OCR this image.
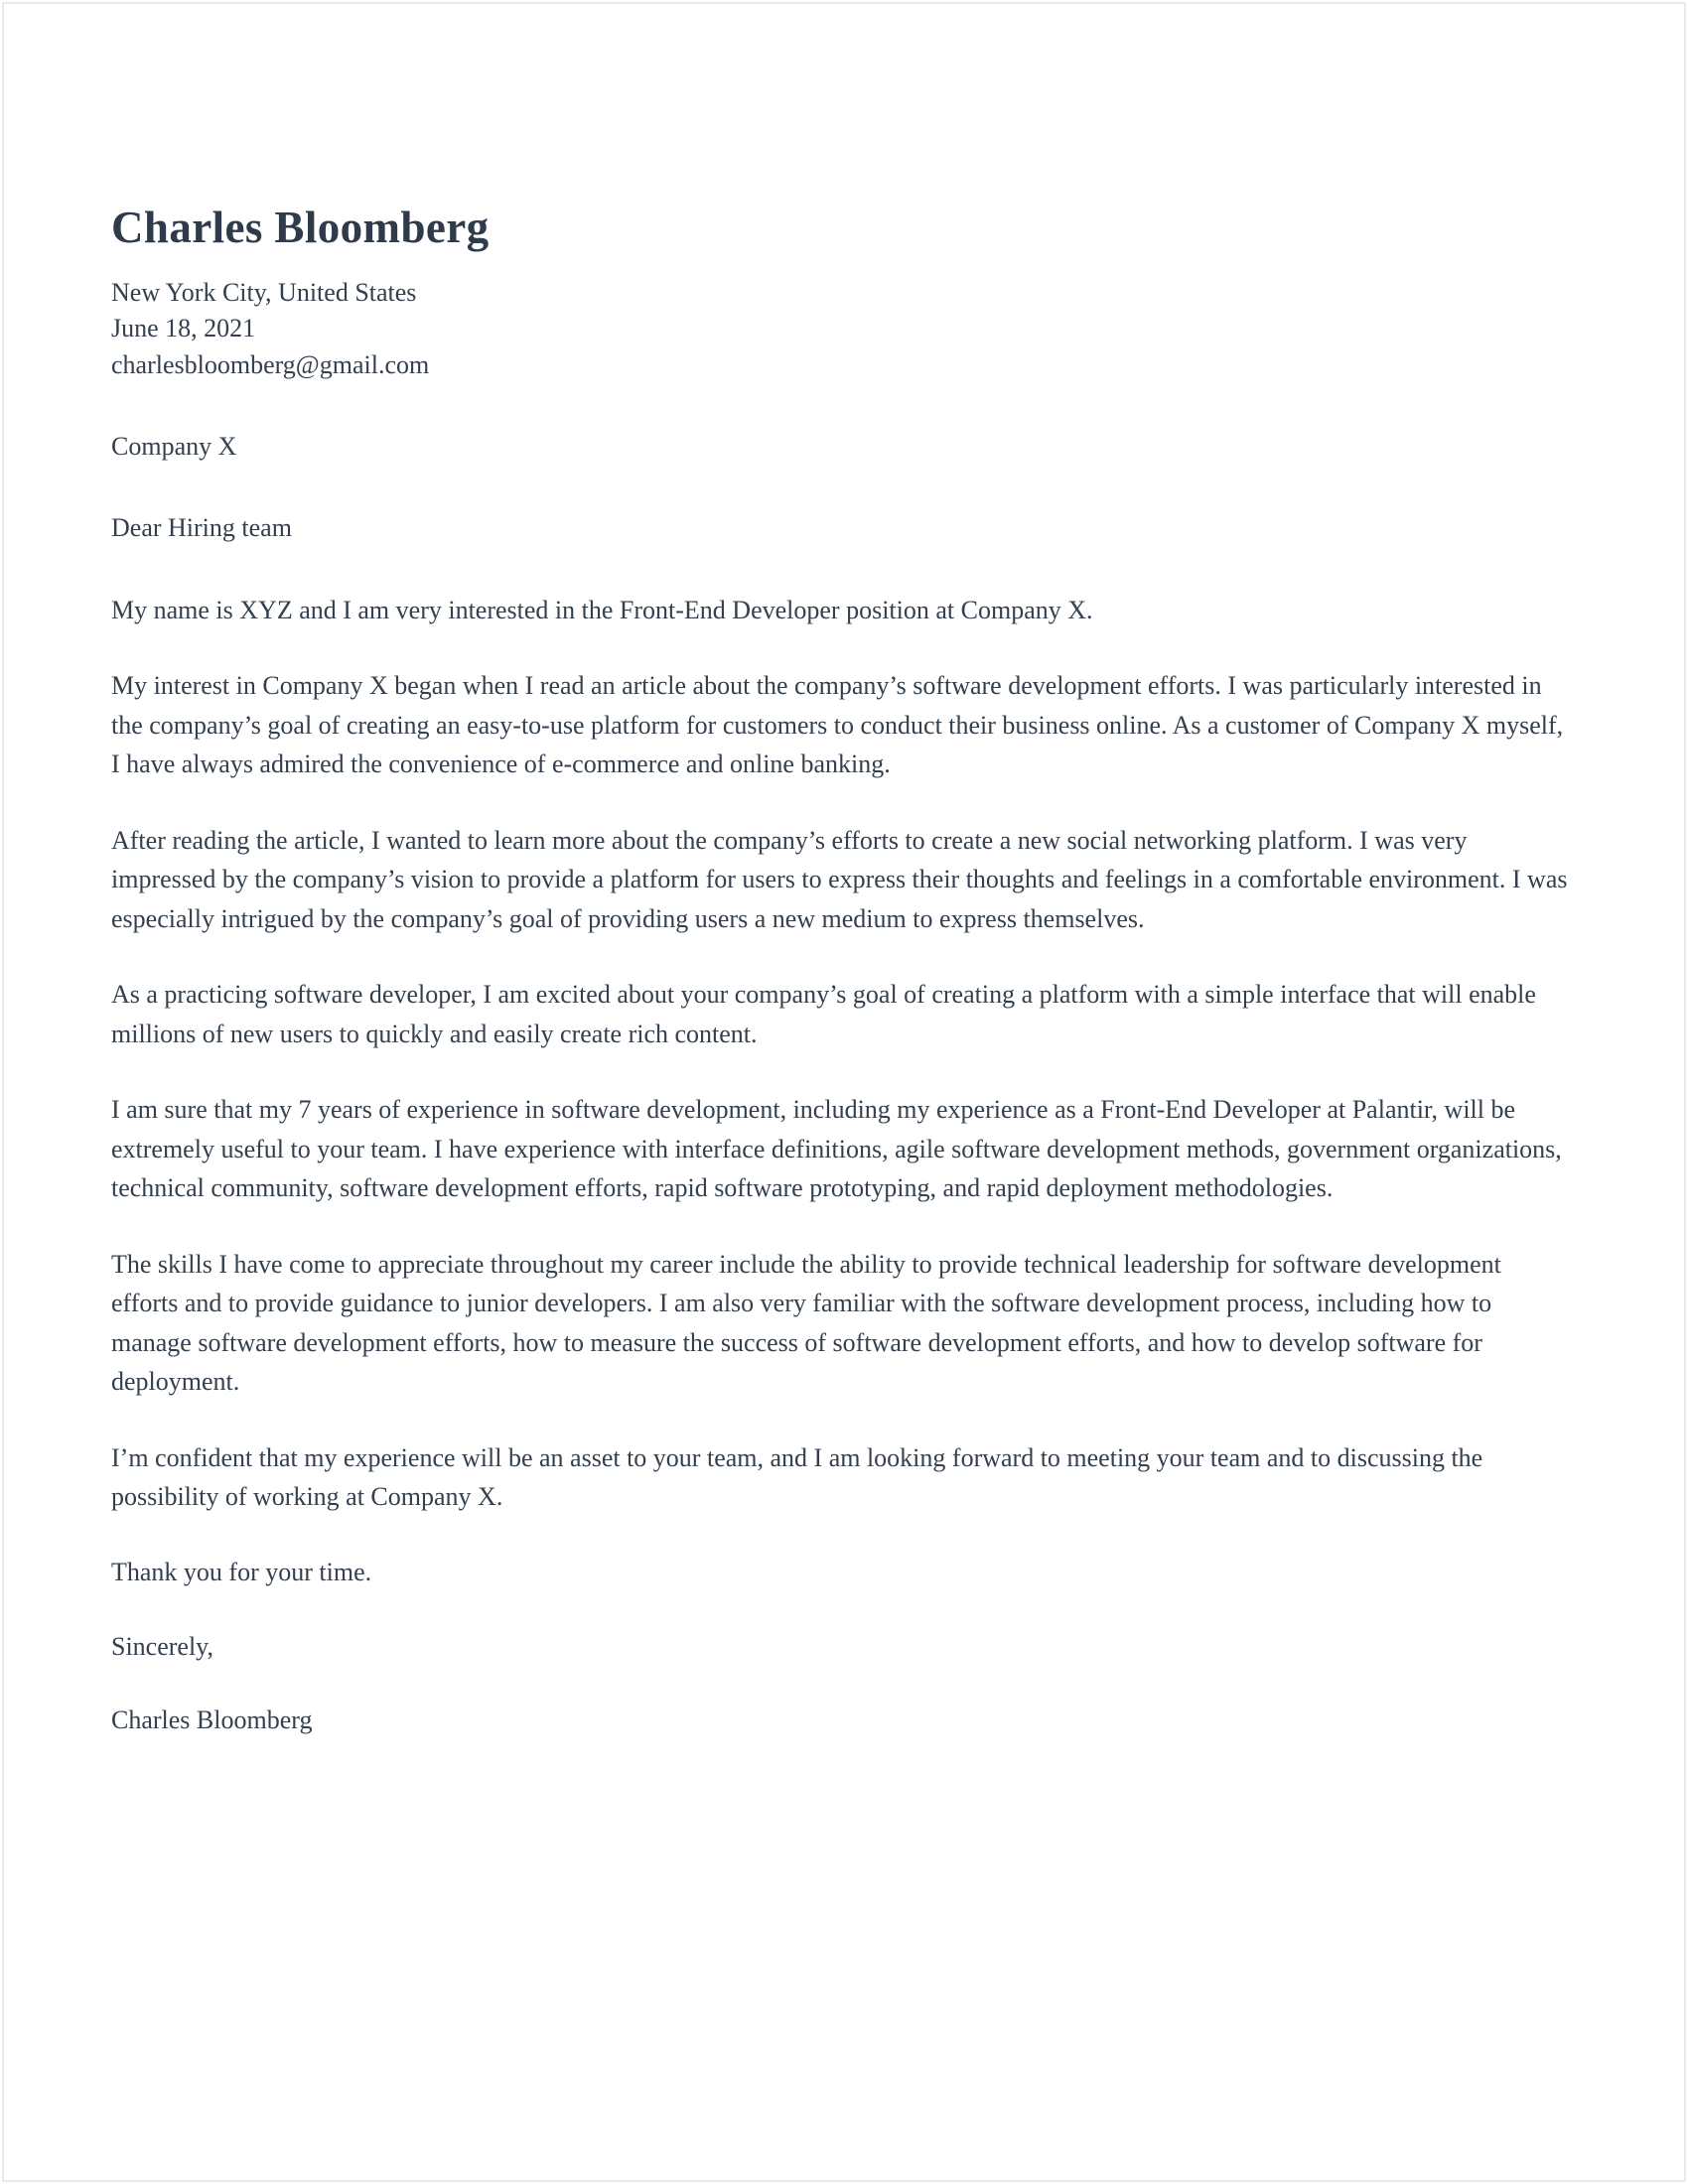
Charles Bloomberg
New York City, United States
June 18, 2021
charlesbloomberg@gmail.com

Company X

Dear Hiring team

My name is XYZ and I am very interested in the Front-End Developer position at Company X.

My interest in Company X began when I read an article about the company’s software development efforts. I was particularly interested in the company’s goal of creating an easy-to-use platform for customers to conduct their business online. As a customer of Company X myself, I have always admired the convenience of e-commerce and online banking.

After reading the article, I wanted to learn more about the company’s efforts to create a new social networking platform. I was very impressed by the company’s vision to provide a platform for users to express their thoughts and feelings in a comfortable environment. I was especially intrigued by the company’s goal of providing users a new medium to express themselves.

As a practicing software developer, I am excited about your company’s goal of creating a platform with a simple interface that will enable millions of new users to quickly and easily create rich content.

I am sure that my 7 years of experience in software development, including my experience as a Front-End Developer at Palantir, will be extremely useful to your team. I have experience with interface definitions, agile software development methods, government organizations, technical community, software development efforts, rapid software prototyping, and rapid deployment methodologies.

The skills I have come to appreciate throughout my career include the ability to provide technical leadership for software development efforts and to provide guidance to junior developers. I am also very familiar with the software development process, including how to manage software development efforts, how to measure the success of software development efforts, and how to develop software for deployment.

I’m confident that my experience will be an asset to your team, and I am looking forward to meeting your team and to discussing the possibility of working at Company X.

Thank you for your time.

Sincerely,

Charles Bloomberg
